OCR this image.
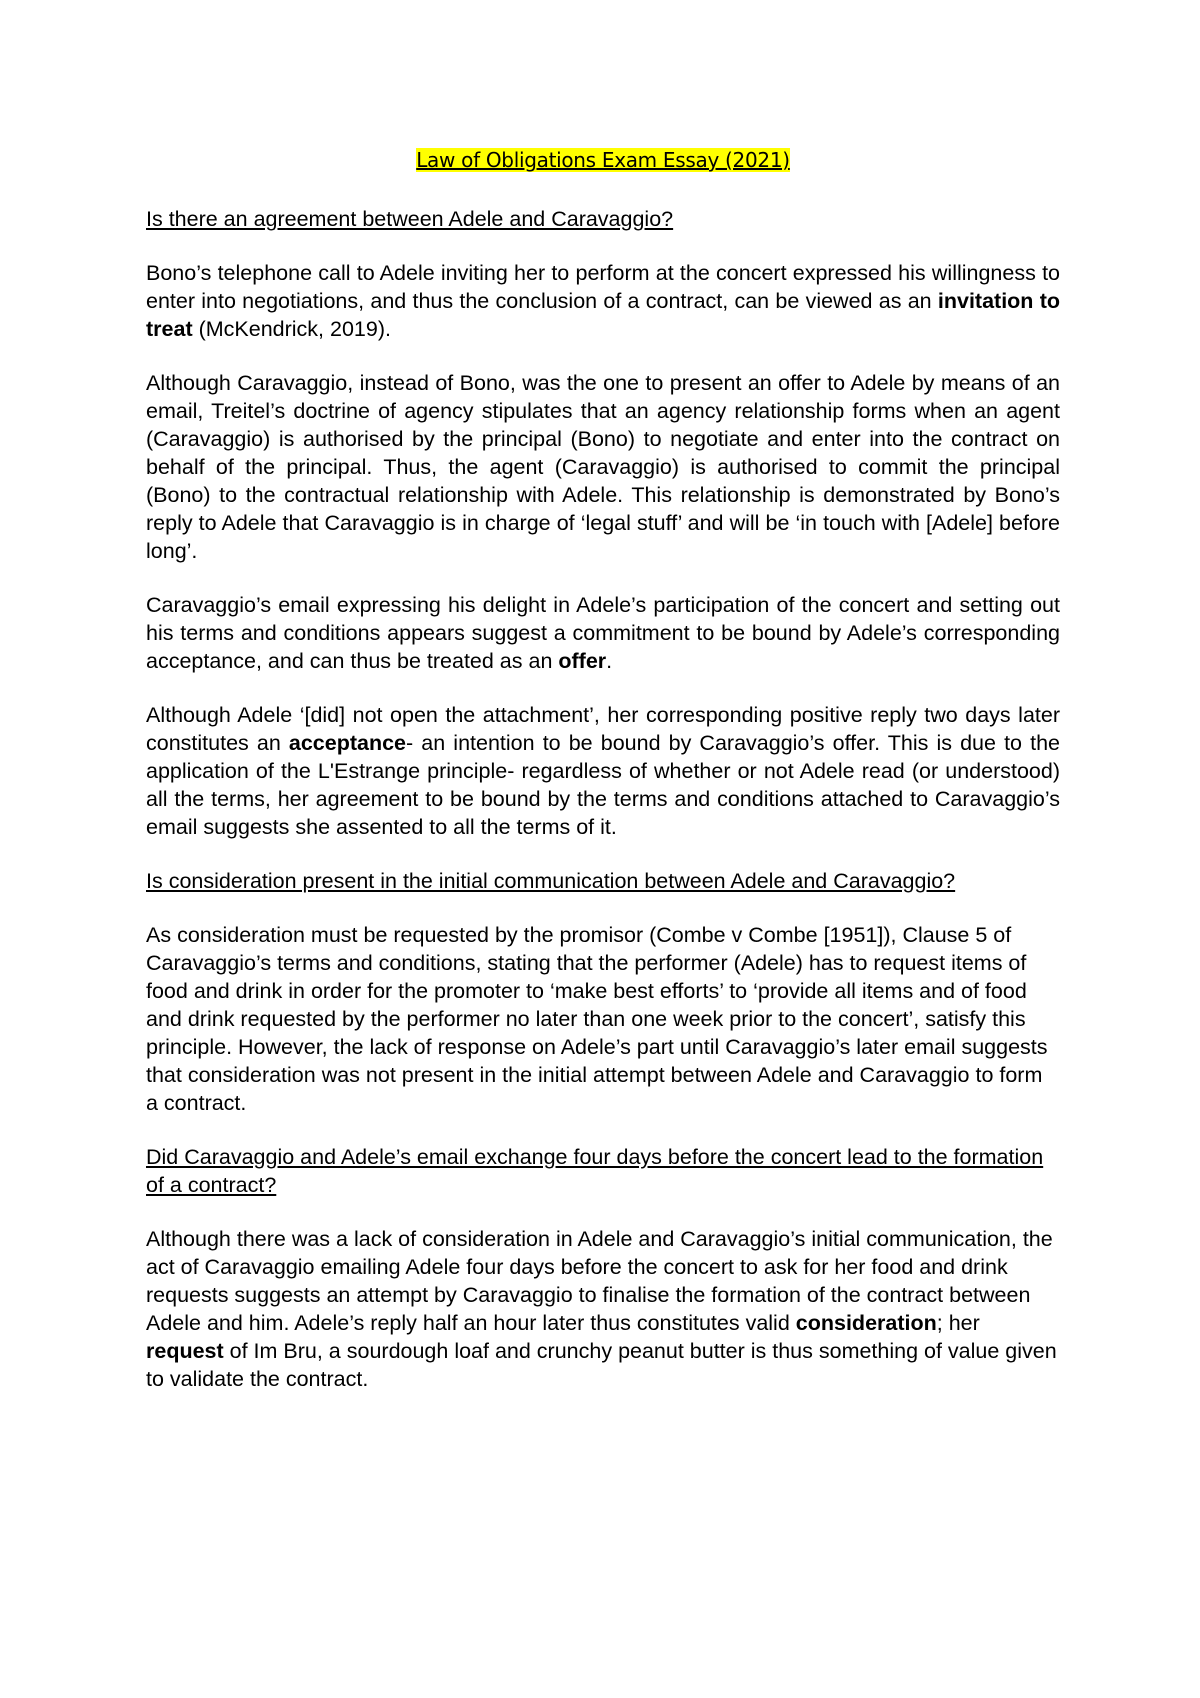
Law of Obligations Exam Essay (2021)

Is there an agreement between Adele and Caravaggio?

Bono’s telephone call to Adele inviting her to perform at the concert expressed his willingness to enter into negotiations, and thus the conclusion of a contract, can be viewed as an invitation to treat (McKendrick, 2019).

Although Caravaggio, instead of Bono, was the one to present an offer to Adele by means of an email, Treitel’s doctrine of agency stipulates that an agency relationship forms when an agent (Caravaggio) is authorised by the principal (Bono) to negotiate and enter into the contract on behalf of the principal. Thus, the agent (Caravaggio) is authorised to commit the principal (Bono) to the contractual relationship with Adele. This relationship is demonstrated by Bono’s reply to Adele that Caravaggio is in charge of ‘legal stuff’ and will be ‘in touch with [Adele] before long’.

Caravaggio’s email expressing his delight in Adele’s participation of the concert and setting out his terms and conditions appears suggest a commitment to be bound by Adele’s corresponding acceptance, and can thus be treated as an offer.

Although Adele ‘[did] not open the attachment’, her corresponding positive reply two days later constitutes an acceptance- an intention to be bound by Caravaggio’s offer. This is due to the application of the L'Estrange principle- regardless of whether or not Adele read (or understood) all the terms, her agreement to be bound by the terms and conditions attached to Caravaggio’s email suggests she assented to all the terms of it.

Is consideration present in the initial communication between Adele and Caravaggio?

As consideration must be requested by the promisor (Combe v Combe [1951]), Clause 5 of Caravaggio’s terms and conditions, stating that the performer (Adele) has to request items of food and drink in order for the promoter to ‘make best efforts’ to ‘provide all items and of food and drink requested by the performer no later than one week prior to the concert’, satisfy this principle. However, the lack of response on Adele’s part until Caravaggio’s later email suggests that consideration was not present in the initial attempt between Adele and Caravaggio to form a contract.

Did Caravaggio and Adele’s email exchange four days before the concert lead to the formation of a contract?

Although there was a lack of consideration in Adele and Caravaggio’s initial communication, the act of Caravaggio emailing Adele four days before the concert to ask for her food and drink requests suggests an attempt by Caravaggio to finalise the formation of the contract between Adele and him. Adele’s reply half an hour later thus constitutes valid consideration; her request of Im Bru, a sourdough loaf and crunchy peanut butter is thus something of value given to validate the contract.
